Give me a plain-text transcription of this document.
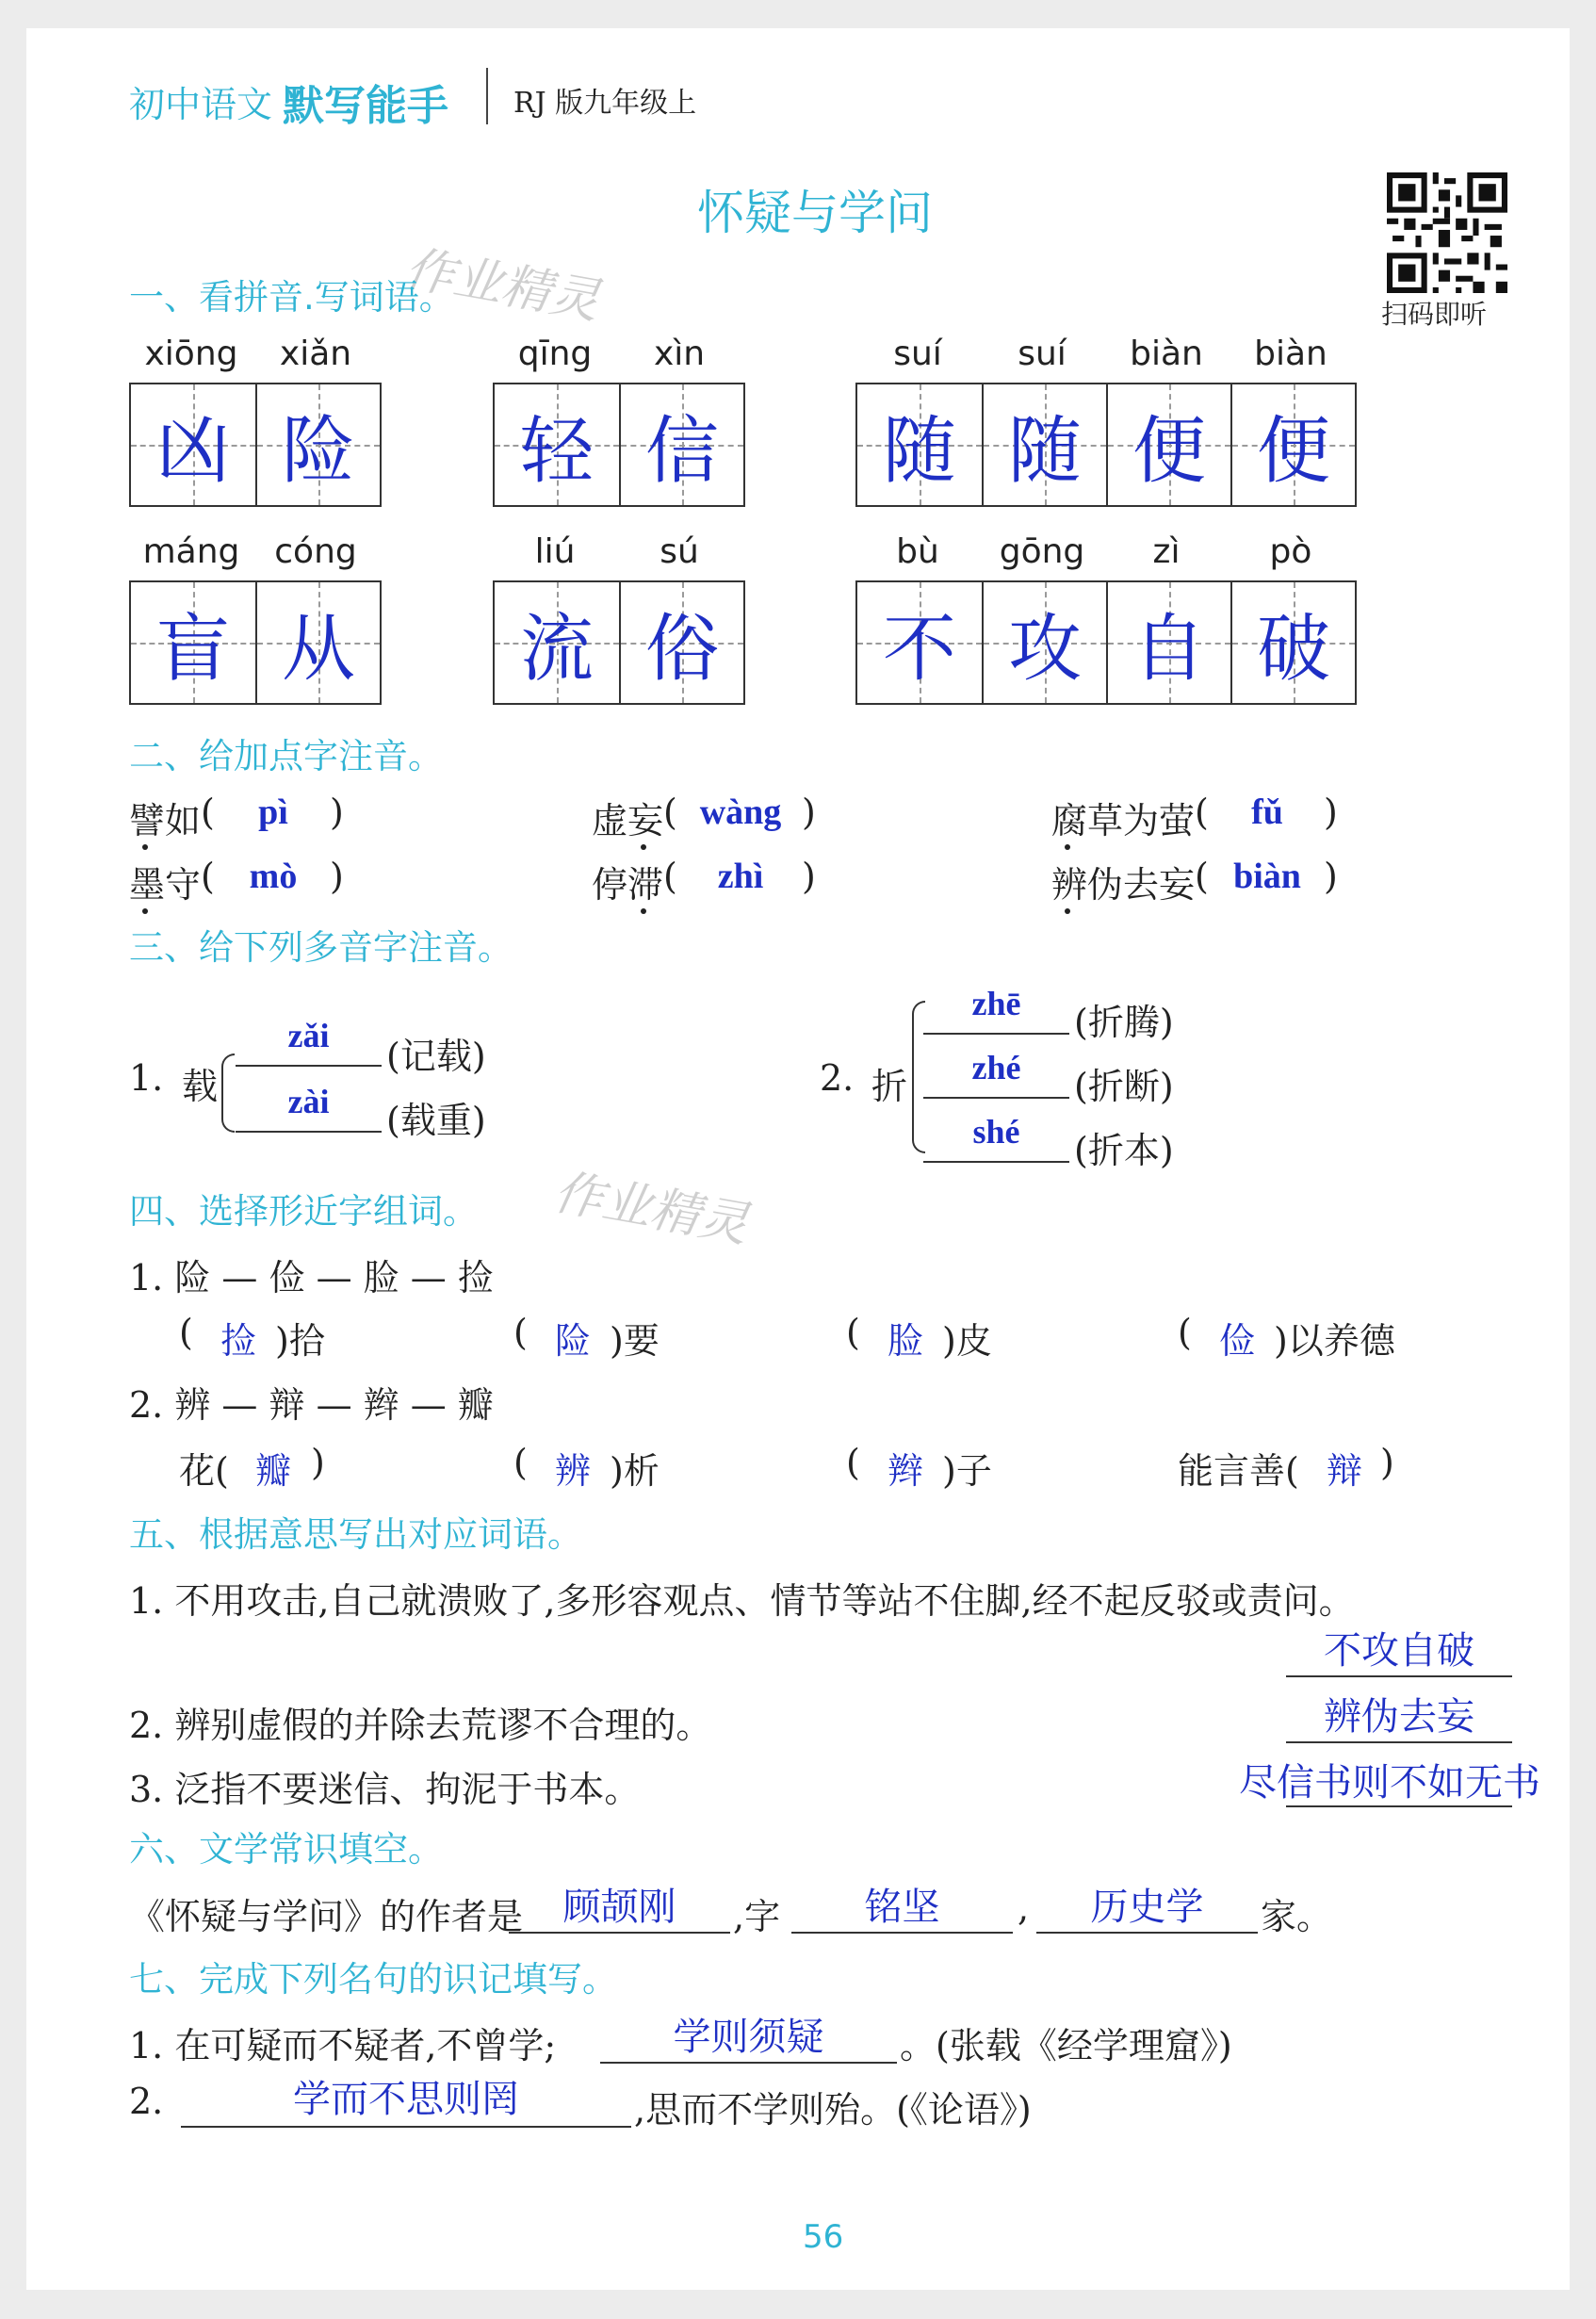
初中语文 默写能手 RJ 版九年级上
怀疑与学问
扫码即听
作业精灵
作业精灵
一、看拼音.写词语。
xiōng	xiǎn	qīng	xìn	suí	suí	biàn	biàn
凶 险	轻 信	随 随 便 便
máng	cóng	liú	sú	bù	gōng	zì	pò
盲 从	流 俗	不 攻 自 破
二、给加点字注音。
譬如 (	pì	)	虚妄 ( wàng )	腐草为萤 (	fǔ	)
墨守 ( mò )	停滞 (	zhì	)	辨伪去妄 ( biàn )
三、给下列多音字注音。
1. 载
zǎi	(记载)
zài	(载重)
2. 折
zhē	(折腾)
zhé	(折断)
shé	(折本)
四、选择形近字组词。
1. 险 — 俭 — 脸 — 捡
( 捡 )拾	( 险 )要	( 脸 )皮	( 俭 )以养德
2. 辨 — 辩 — 辫 — 瓣
花( 瓣 )	( 辨 )析	( 辫 )子	能言善( 辩 )
五、根据意思写出对应词语。
1. 不用攻击,自己就溃败了,多形容观点、情节等站不住脚,经不起反驳或责问。
不攻自破
2. 辨别虚假的并除去荒谬不合理的。	辨伪去妄
3. 泛指不要迷信、拘泥于书本。	尽信书则不如无书
六、文学常识填空。
《怀疑与学问》的作者是	顾颉刚	,字	铭坚	,	历史学	家。
七、完成下列名句的识记填写。
1. 在可疑而不疑者,不曾学;	学则须疑	。(张载《经学理窟》)
2.	学而不思则罔	,思而不学则殆。(《论语》)
56
